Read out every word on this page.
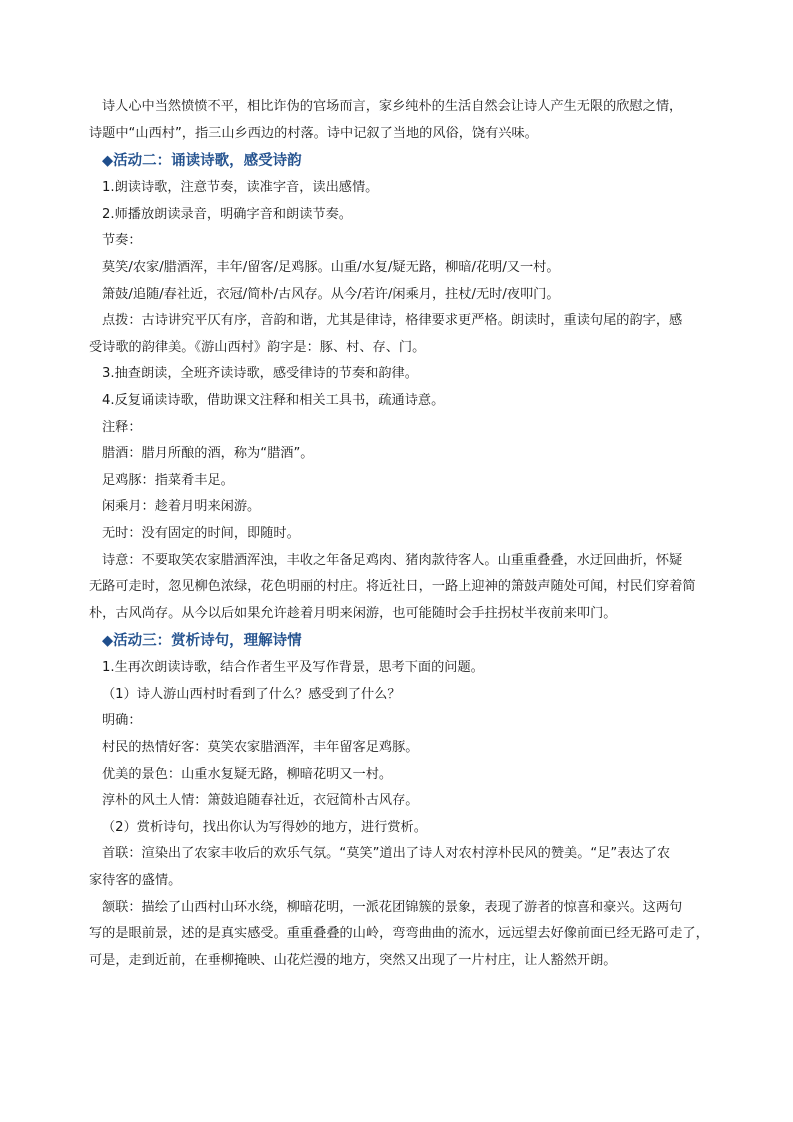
诗人心中当然愤愤不平，相比诈伪的官场而言，家乡纯朴的生活自然会让诗人产生无限的欣慰之情，

诗题中“山西村”，指三山乡西边的村落。诗中记叙了当地的风俗，饶有兴味。

◆活动二：诵读诗歌，感受诗韵

1.朗读诗歌，注意节奏，读准字音，读出感情。

2.师播放朗读录音，明确字音和朗读节奏。

节奏：

莫笑/农家/腊酒浑，丰年/留客/足鸡豚。山重/水复/疑无路，柳暗/花明/又一村。

箫鼓/追随/春社近，衣冠/简朴/古风存。从今/若许/闲乘月，拄杖/无时/夜叩门。

点拨：古诗讲究平仄有序，音韵和谐，尤其是律诗，格律要求更严格。朗读时，重读句尾的韵字，感

受诗歌的韵律美。《游山西村》韵字是：豚、村、存、门。

3.抽查朗读，全班齐读诗歌，感受律诗的节奏和韵律。

4.反复诵读诗歌，借助课文注释和相关工具书，疏通诗意。

注释：

腊酒：腊月所酿的酒，称为“腊酒”。

足鸡豚：指菜肴丰足。

闲乘月：趁着月明来闲游。

无时：没有固定的时间，即随时。

诗意：不要取笑农家腊酒浑浊，丰收之年备足鸡肉、猪肉款待客人。山重重叠叠，水迂回曲折，怀疑

无路可走时，忽见柳色浓绿，花色明丽的村庄。将近社日，一路上迎神的箫鼓声随处可闻，村民们穿着简

朴，古风尚存。从今以后如果允许趁着月明来闲游，也可能随时会手拄拐杖半夜前来叩门。

◆活动三：赏析诗句，理解诗情

1.生再次朗读诗歌，结合作者生平及写作背景，思考下面的问题。

（1）诗人游山西村时看到了什么？感受到了什么？

明确：

村民的热情好客：莫笑农家腊酒浑，丰年留客足鸡豚。

优美的景色：山重水复疑无路，柳暗花明又一村。

淳朴的风土人情：箫鼓追随春社近，衣冠简朴古风存。

（2）赏析诗句，找出你认为写得妙的地方，进行赏析。

首联：渲染出了农家丰收后的欢乐气氛。“莫笑”道出了诗人对农村淳朴民风的赞美。“足”表达了农

家待客的盛情。

颔联：描绘了山西村山环水绕，柳暗花明，一派花团锦簇的景象，表现了游者的惊喜和豪兴。这两句

写的是眼前景，述的是真实感受。重重叠叠的山岭，弯弯曲曲的流水，远远望去好像前面已经无路可走了，

可是，走到近前，在垂柳掩映、山花烂漫的地方，突然又出现了一片村庄，让人豁然开朗。
